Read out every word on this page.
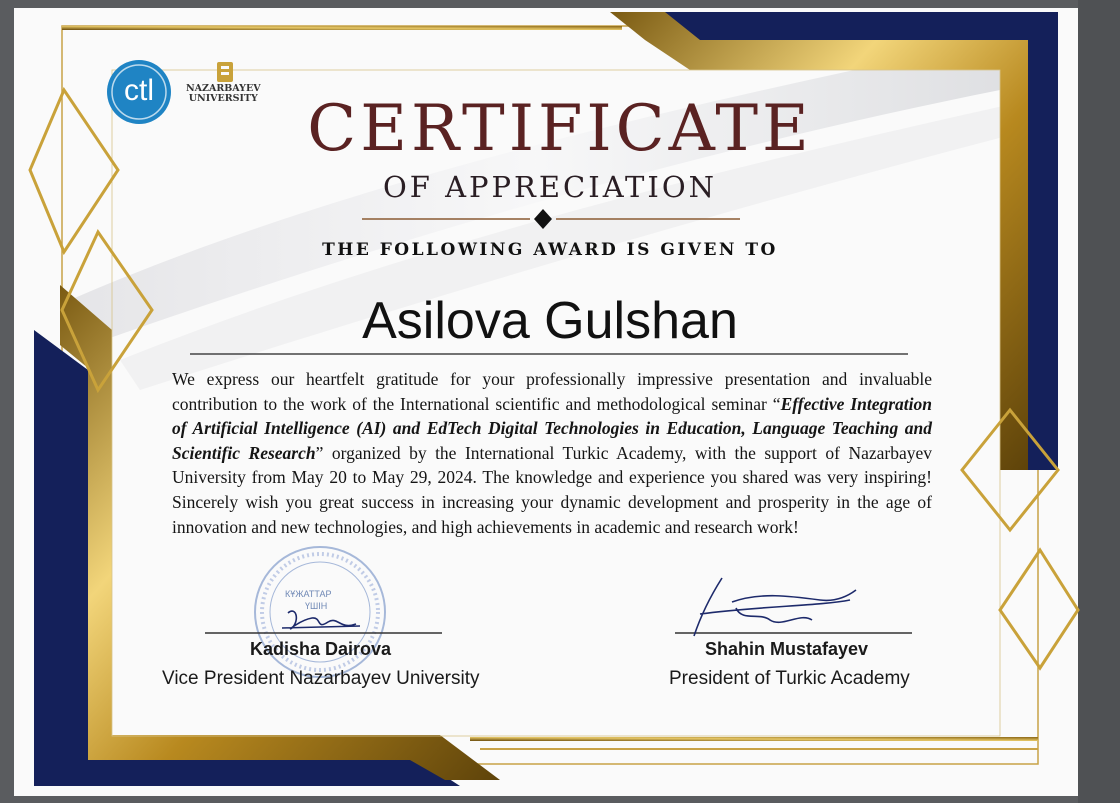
ctl	NAZARBAYEV
UNIVERSITY CERTIFICATE
OF APPRECIATION
THE FOLLOWING AWARD IS GIVEN TO
Asilova Gulshan

We express our heartfelt gratitude for your professionally impressive presentation and invaluable contribution to the work of the International scientific and methodological seminar “Effective Integration of Artificial Intelligence (AI) and EdTech Digital Technologies in Education, Language Teaching and Scientific Research” organized by the International Turkic Academy, with the support of Nazarbayev University from May 20 to May 29, 2024. The knowledge and experience you shared was very inspiring! Sincerely wish you great success in increasing your dynamic development and prosperity in the age of innovation and new technologies, and high achievements in academic and research work!

КҰЖАТТАР
ҮШІН
Kadisha Dairova
Vice President Nazarbayev University
Shahin Mustafayev
President of Turkic Academy
